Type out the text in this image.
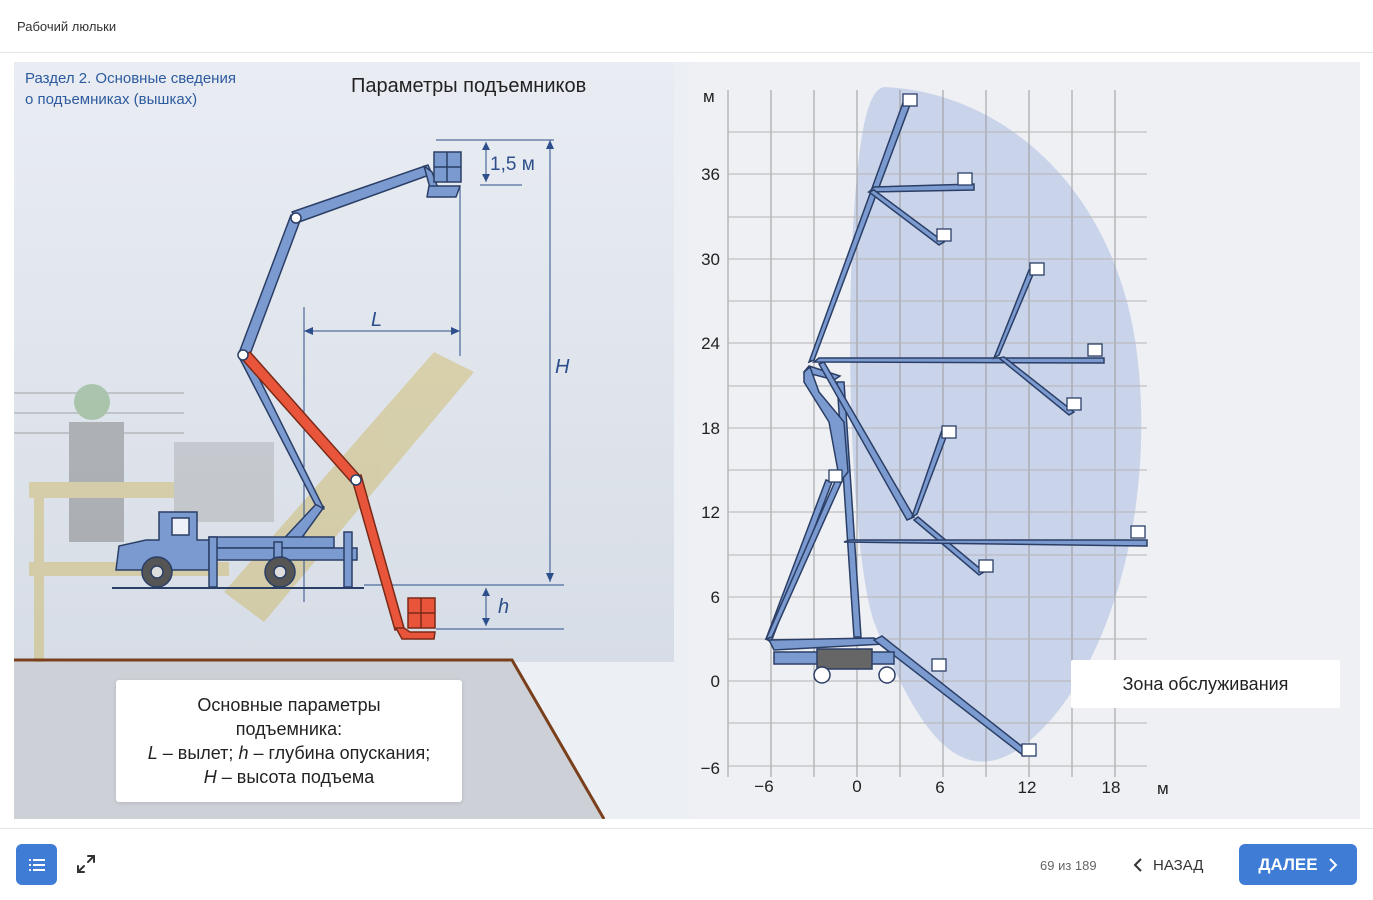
Рабочий люльки
1,5 м
L
H
h
м
36
30
24
18
12
6
0
−6
−6	0	6	12	18 м
Раздел 2. Основные сведения
о подъемниках (вышках)
Параметры подъемников
Основные параметры
подъемника:
L – вылет; h – глубина опускания;
H – высота подъема
Зона обслуживания
69 из 189	НАЗАД	ДАЛЕЕ
